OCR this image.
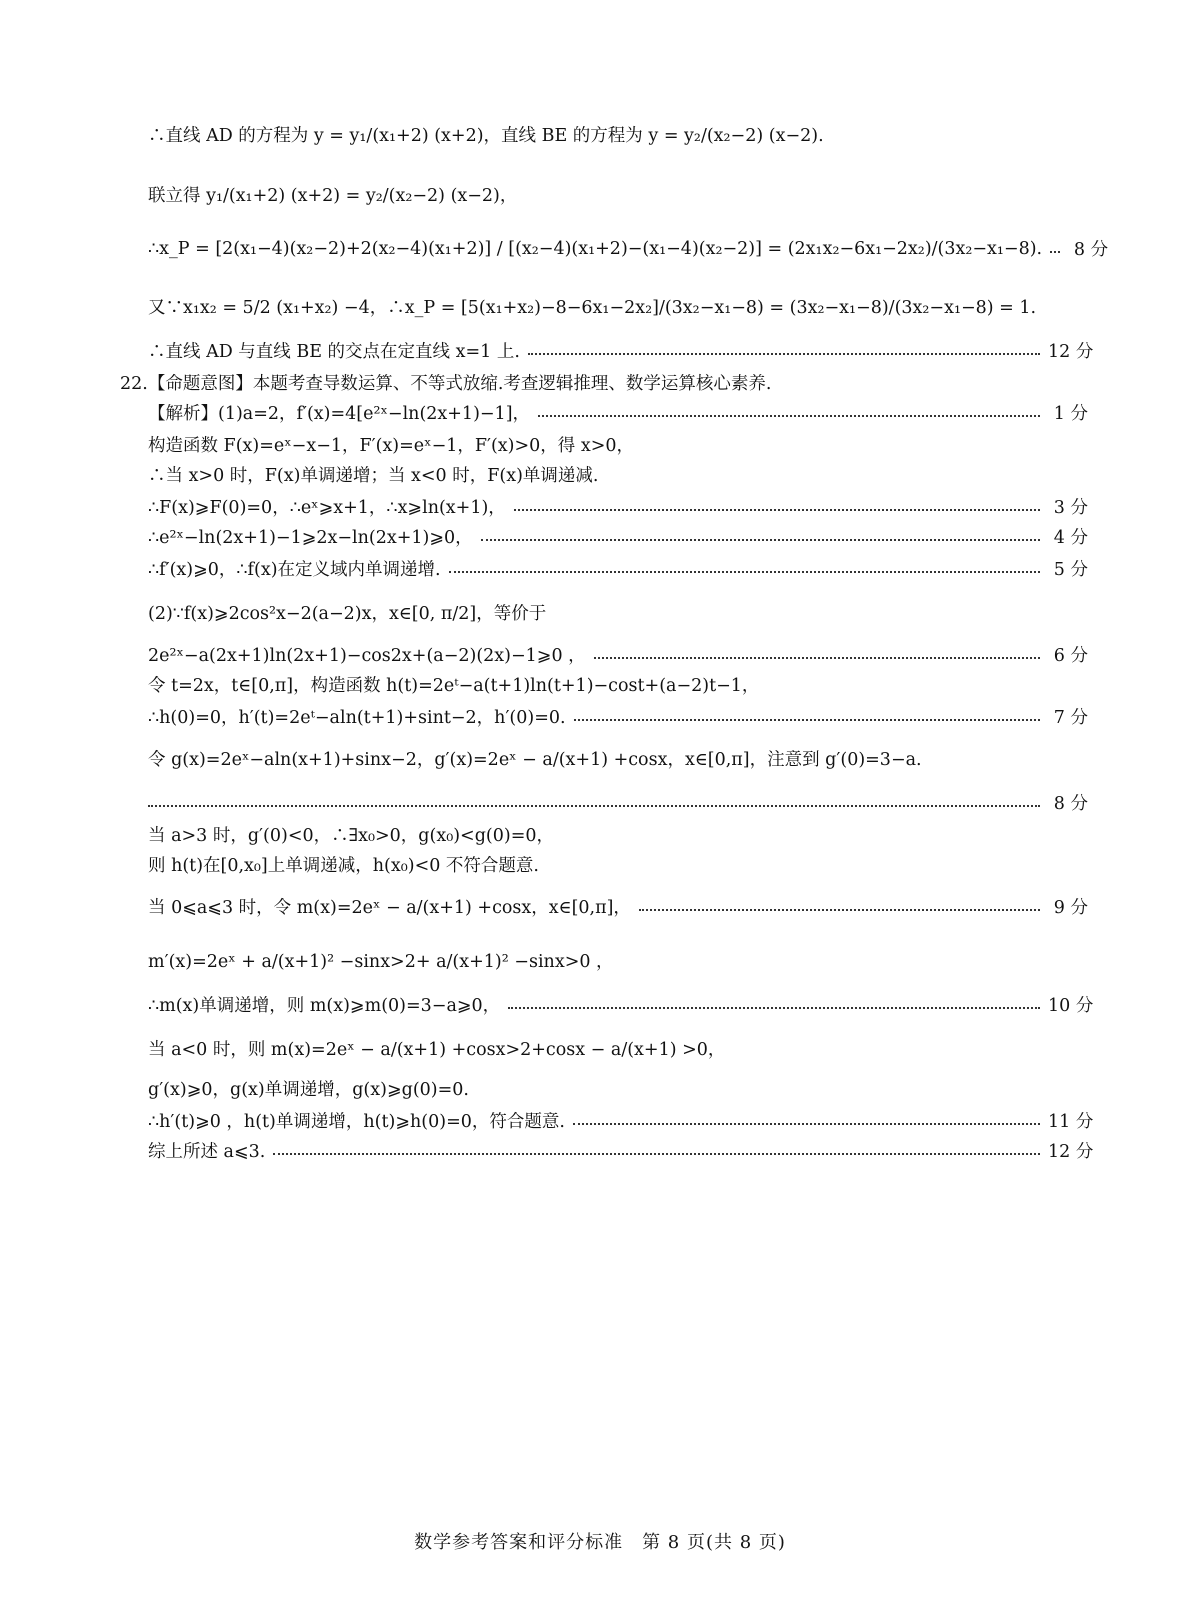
∴直线 AD 的方程为 y = y₁/(x₁+2) (x+2)，直线 BE 的方程为 y = y₂/(x₂−2) (x−2).
联立得 y₁/(x₁+2) (x+2) = y₂/(x₂−2) (x−2)，
∴x_P = [2(x₁−4)(x₂−2)+2(x₂−4)(x₁+2)] / [(x₂−4)(x₁+2)−(x₁−4)(x₂−2)] = (2x₁x₂−6x₁−2x₂)/(3x₂−x₁−8).	8 分
又∵x₁x₂ = 5/2 (x₁+x₂) −4，∴x_P = [5(x₁+x₂)−8−6x₁−2x₂]/(3x₂−x₁−8) = (3x₂−x₁−8)/(3x₂−x₁−8) = 1.
∴直线 AD 与直线 BE 的交点在定直线 x=1 上.	12 分
22.【命题意图】本题考查导数运算、不等式放缩.考查逻辑推理、数学运算核心素养.
【解析】(1)a=2，f′(x)=4[e²ˣ−ln(2x+1)−1]，	1 分
构造函数 F(x)=eˣ−x−1，F′(x)=eˣ−1，F′(x)>0，得 x>0，
∴当 x>0 时，F(x)单调递增；当 x<0 时，F(x)单调递减.
∴F(x)⩾F(0)=0，∴eˣ⩾x+1，∴x⩾ln(x+1)，	3 分
∴e²ˣ−ln(2x+1)−1⩾2x−ln(2x+1)⩾0，	4 分
∴f′(x)⩾0，∴f(x)在定义域内单调递增.	5 分
(2)∵f(x)⩾2cos²x−2(a−2)x，x∈[0, π/2]，等价于
2e²ˣ−a(2x+1)ln(2x+1)−cos2x+(a−2)(2x)−1⩾0 ，	6 分
令 t=2x，t∈[0,π]，构造函数 h(t)=2eᵗ−a(t+1)ln(t+1)−cost+(a−2)t−1，
∴h(0)=0，h′(t)=2eᵗ−aln(t+1)+sint−2，h′(0)=0.	7 分
令 g(x)=2eˣ−aln(x+1)+sinx−2，g′(x)=2eˣ − a/(x+1) +cosx，x∈[0,π]，注意到 g′(0)=3−a.
8 分
当 a>3 时，g′(0)<0，∴∃x₀>0，g(x₀)<g(0)=0，
则 h(t)在[0,x₀]上单调递减，h(x₀)<0 不符合题意.
当 0⩽a⩽3 时，令 m(x)=2eˣ − a/(x+1) +cosx，x∈[0,π]，	9 分
m′(x)=2eˣ + a/(x+1)² −sinx>2+ a/(x+1)² −sinx>0 ，
∴m(x)单调递增，则 m(x)⩾m(0)=3−a⩾0，	10 分
当 a<0 时，则 m(x)=2eˣ − a/(x+1) +cosx>2+cosx − a/(x+1) >0，
g′(x)⩾0，g(x)单调递增，g(x)⩾g(0)=0.
∴h′(t)⩾0 ，h(t)单调递增，h(t)⩾h(0)=0，符合题意.	11 分
综上所述 a⩽3.	12 分
数学参考答案和评分标准　第 8 页(共 8 页)
